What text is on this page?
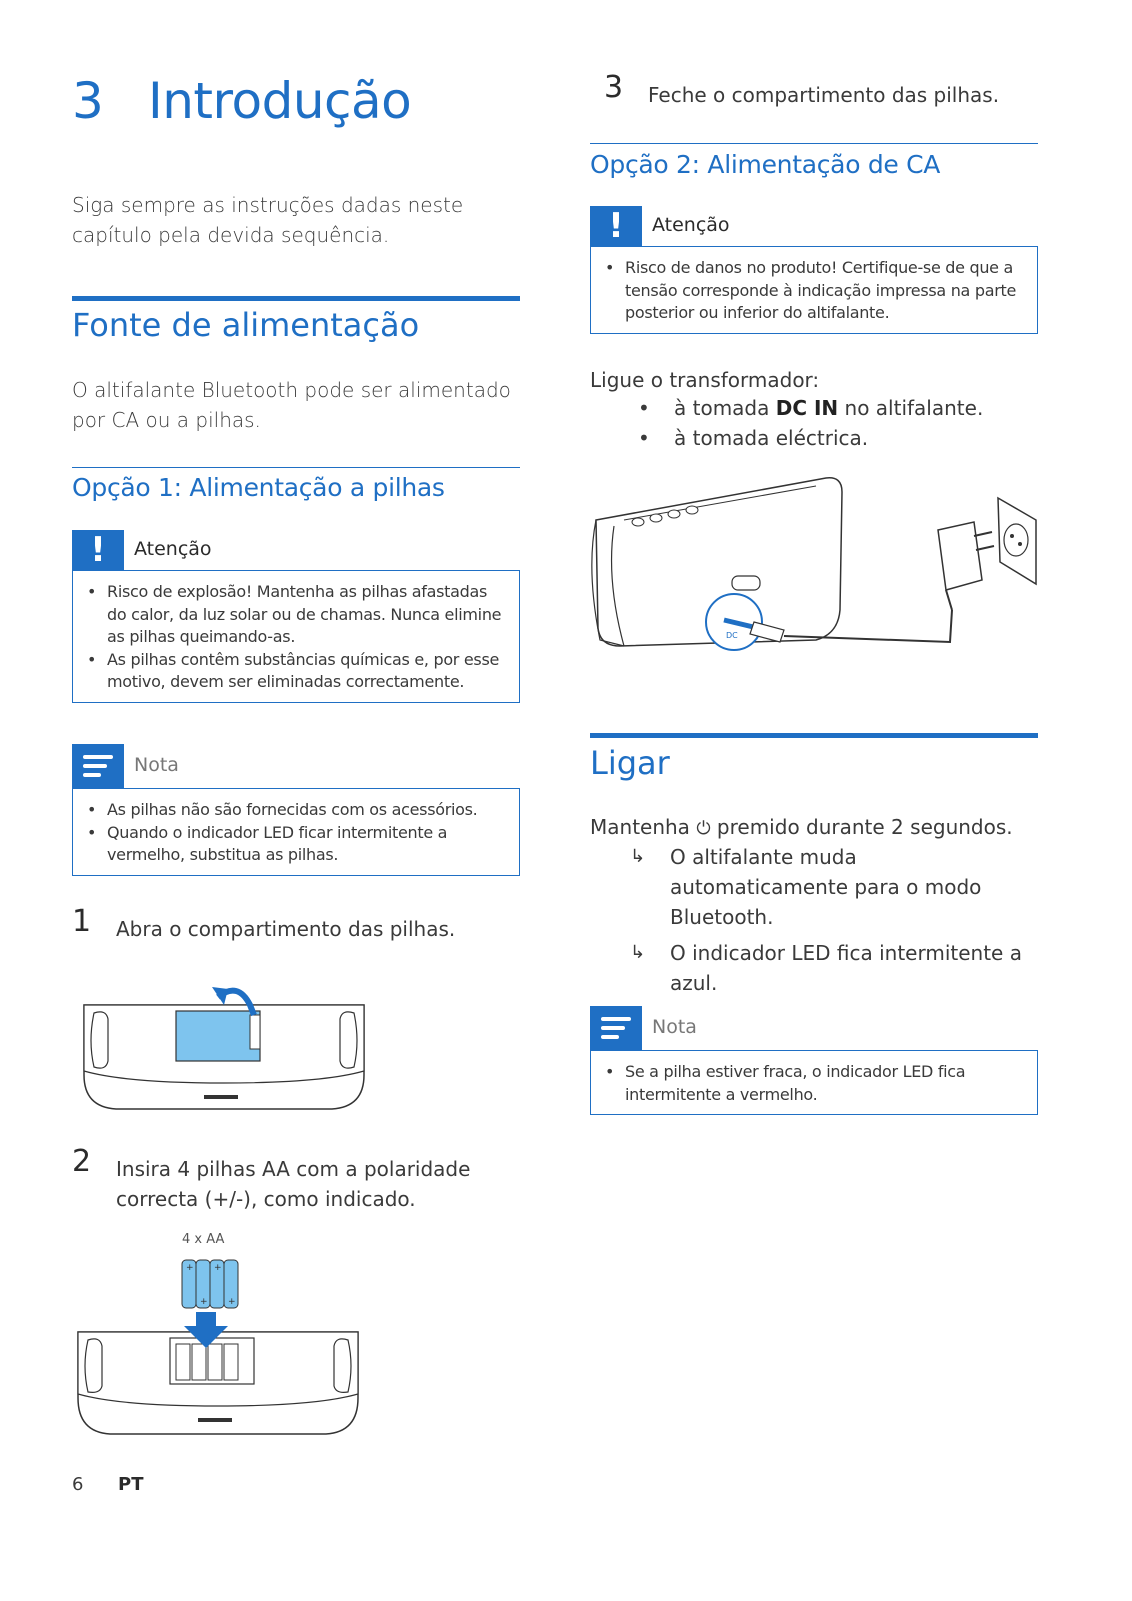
3 Introdução
Siga sempre as instruções dadas neste capítulo pela devida sequência.
Fonte de alimentação
O altifalante Bluetooth pode ser alimentado por CA ou a pilhas.
Opção 1: Alimentação a pilhas
!	Atenção
• Risco de explosão! Mantenha as pilhas afastadas do calor, da luz solar ou de chamas. Nunca elimine as pilhas queimando-as.
• As pilhas contêm substâncias químicas e, por esse motivo, devem ser eliminadas correctamente.
Nota
• As pilhas não são fornecidas com os acessórios.
• Quando o indicador LED ficar intermitente a vermelho, substitua as pilhas.
1 Abra o compartimento das pilhas.
2 Insira 4 pilhas AA com a polaridade correcta (+/-), como indicado.
4 x AA
+
+
+
+
6 PT
3 Feche o compartimento das pilhas.
Opção 2: Alimentação de CA
!	Atenção
• Risco de danos no produto! Certifique-se de que a tensão corresponde à indicação impressa na parte posterior ou inferior do altifalante.
Ligue o transformador:
• à tomada DC IN no altifalante.
• à tomada eléctrica.
DC
Ligar
Mantenha ⏻ premido durante 2 segundos.
↳ O altifalante muda automaticamente para o modo Bluetooth.
↳ O indicador LED fica intermitente a azul.
Nota
• Se a pilha estiver fraca, o indicador LED fica intermitente a vermelho.
